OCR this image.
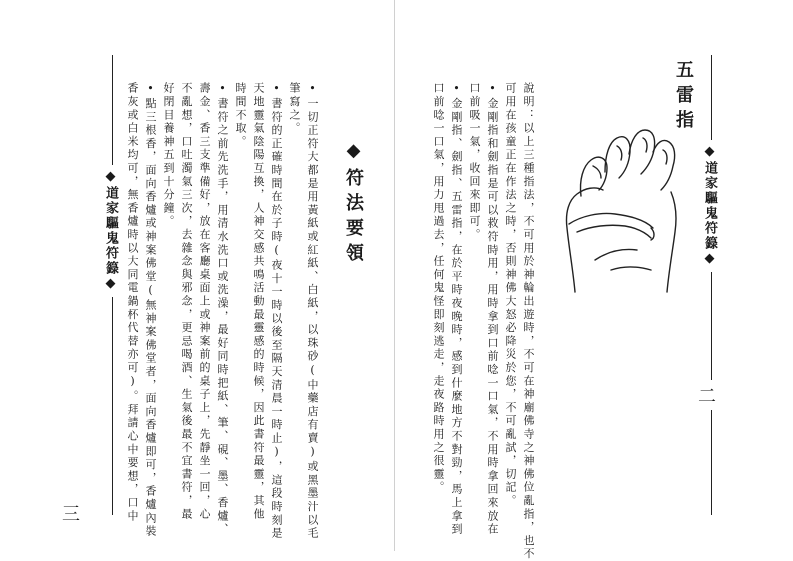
◆道家驅鬼符籙◆
三	•一切正符大都是用黃紙或紅紙、白紙，以珠砂(中藥店有賣)或黑墨汁以毛
筆寫之。
•書符的正確時間在於子時(夜十一時以後至隔天清晨一時止)，這段時刻是
天地靈氣陰陽互換，人神交感共鳴活動最靈感的時候，因此書符最靈，其他
時間不取。
•書符之前先洗手，用清水洗口或洗澡，最好同時把紙、筆、硯、墨、香爐、
壽金、香三支準備好，放在客廳桌面上或神案前的桌子上，先靜坐一回，心
不亂想，口吐濁氣三次，去雜念與邪念，更忌喝酒、生氣後最不宜書符，最
好閉目養神五到十分鐘。
•點三根香，面向香爐或神案佛堂(無神案佛堂者，面向香爐即可，香爐內裝
香灰或白米均可，無香爐時以大同電鍋杯代替亦可)。拜請心中要想，口中	◆符法要領
五雷指
說明：以上三種指法，不可用於神輪出遊時，不可在神廟佛寺之神佛位亂指，也不
可用在孩童正在作法之時，否則神佛大怒必降災於您，不可亂試，切記。
•金剛指和劍指是可以救符時用，用時拿到口前唸一口氣，不用時拿回來放在
口前吸一氣，收回來即可。
•金剛指、劍指、五雷指，在於平時夜晚時，感到什麼地方不對勁，馬上拿到
口前唸一口氣，用力甩過去，任何鬼怪即刻逃走，走夜路時用之很靈。	◆道家驅鬼符籙◆
二
